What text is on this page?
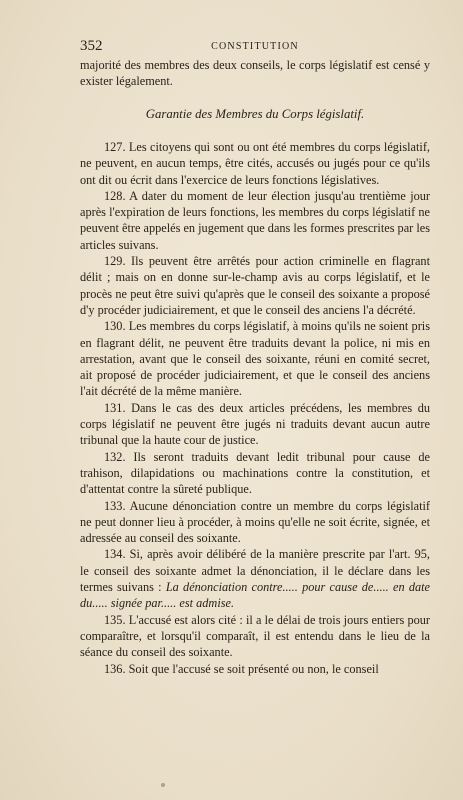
352	CONSTITUTION
majorité des membres des deux conseils, le corps législatif est censé y exister légalement.
Garantie des Membres du Corps législatif.

127. Les citoyens qui sont ou ont été membres du corps législatif, ne peuvent, en aucun temps, être cités, accusés ou jugés pour ce qu'ils ont dit ou écrit dans l'exercice de leurs fonctions législatives.

128. A dater du moment de leur élection jusqu'au trentième jour après l'expiration de leurs fonctions, les membres du corps législatif ne peuvent être appelés en jugement que dans les formes prescrites par les articles suivans.

129. Ils peuvent être arrêtés pour action criminelle en flagrant délit ; mais on en donne sur-le-champ avis au corps législatif, et le procès ne peut être suivi qu'après que le conseil des soixante a proposé d'y procéder judiciairement, et que le conseil des anciens l'a décrété.

130. Les membres du corps législatif, à moins qu'ils ne soient pris en flagrant délit, ne peuvent être traduits devant la police, ni mis en arrestation, avant que le conseil des soixante, réuni en comité secret, ait proposé de procéder judiciairement, et que le conseil des anciens l'ait décrété de la même manière.

131. Dans le cas des deux articles précédens, les membres du corps législatif ne peuvent être jugés ni traduits devant aucun autre tribunal que la haute cour de justice.

132. Ils seront traduits devant ledit tribunal pour cause de trahison, dilapidations ou machinations contre la constitution, et d'attentat contre la sûreté publique.

133. Aucune dénonciation contre un membre du corps législatif ne peut donner lieu à procéder, à moins qu'elle ne soit écrite, signée, et adressée au conseil des soixante.

134. Si, après avoir délibéré de la manière prescrite par l'art. 95, le conseil des soixante admet la dénonciation, il le déclare dans les termes suivans : La dénonciation contre..... pour cause de..... en date du..... signée par..... est admise.

135. L'accusé est alors cité : il a le délai de trois jours entiers pour comparaître, et lorsqu'il comparaît, il est entendu dans le lieu de la séance du conseil des soixante.

136. Soit que l'accusé se soit présenté ou non, le conseil
